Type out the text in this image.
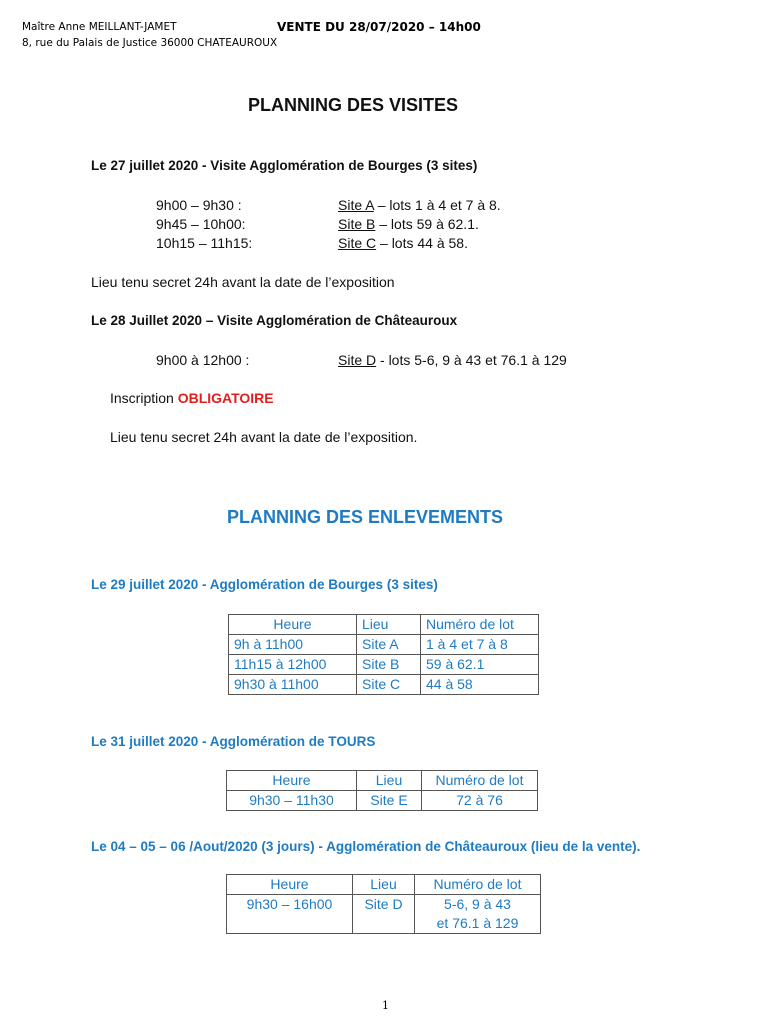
Maître Anne MEILLANT-JAMET
8, rue du Palais de Justice 36000 CHATEAUROUX
VENTE DU 28/07/2020 – 14h00
PLANNING DES VISITES
Le 27 juillet 2020 - Visite Agglomération de Bourges (3 sites)
9h00 – 9h30 :	Site A – lots 1 à 4 et 7 à 8.
9h45 – 10h00:	Site B – lots 59 à 62.1.
10h15 – 11h15:	Site C – lots 44 à 58.
Lieu tenu secret 24h avant la date de l’exposition
Le 28 Juillet 2020 – Visite Agglomération de Châteauroux
9h00 à 12h00 :	Site D - lots 5-6, 9 à 43 et 76.1 à 129
Inscription OBLIGATOIRE
Lieu tenu secret 24h avant la date de l’exposition.
PLANNING DES ENLEVEMENTS
Le 29 juillet 2020 - Agglomération de Bourges (3 sites)
Heure	Lieu	Numéro de lot
9h à 11h00	Site A	1 à 4 et 7 à 8
11h15 à 12h00	Site B	59 à 62.1
9h30 à 11h00	Site C	44 à 58
Le 31 juillet 2020 - Agglomération de TOURS
Heure	Lieu	Numéro de lot
9h30 – 11h30	Site E	72 à 76
Le 04 – 05 – 06 /Aout/2020 (3 jours) - Agglomération de Châteauroux (lieu de la vente).
Heure	Lieu	Numéro de lot
9h30 – 16h00	Site D	5-6, 9 à 43
		et 76.1 à 129
1
